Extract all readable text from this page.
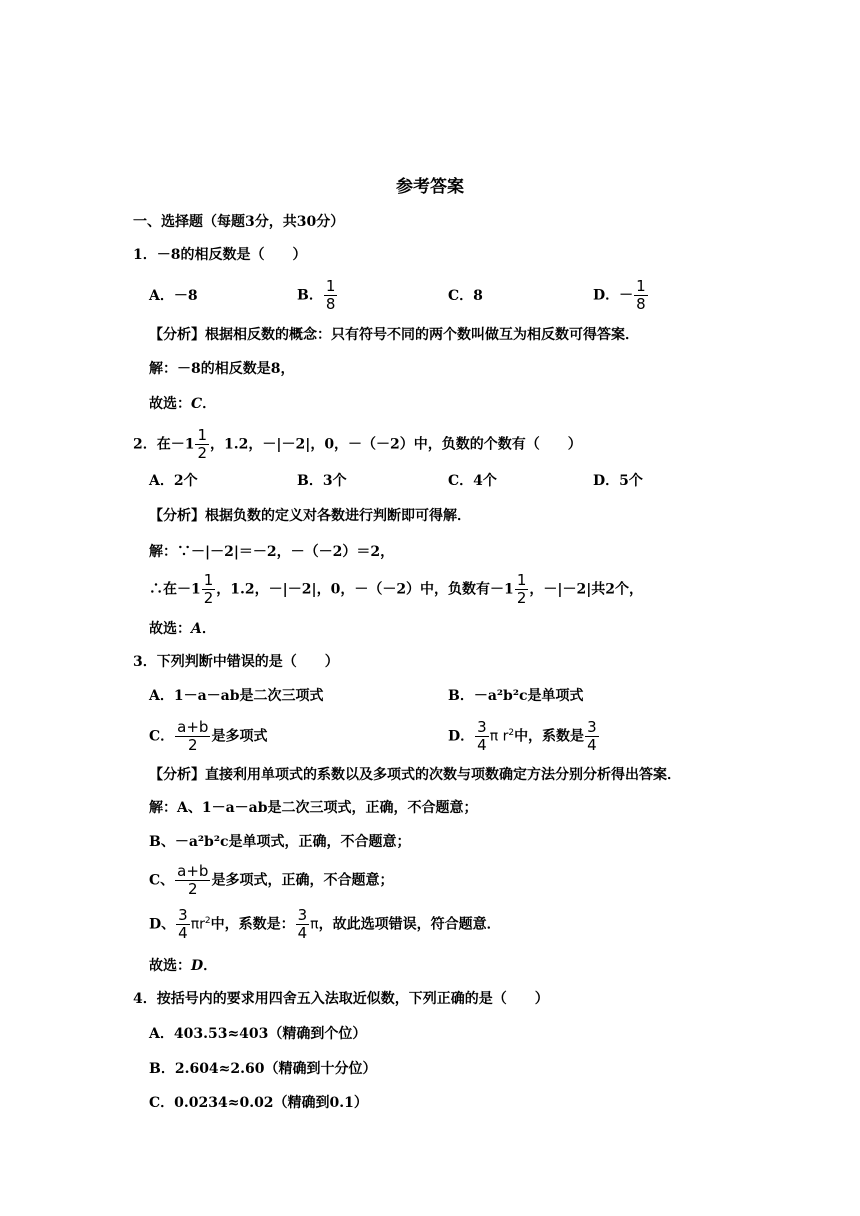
参考答案
一、选择题（每题3分，共30分）
1．－8的相反数是（　　）
A．－8	B． $\frac{1}{8}$	C．8	D．－ $\frac{1}{8}$
【分析】根据相反数的概念：只有符号不同的两个数叫做互为相反数可得答案．
解：－8的相反数是8，
故选：C．
2．在$-1 \frac{1}{2}$ ，1.2，－|－2|，0，－（－2）中，负数的个数有（　　）
A．2个	B．3个	C．4个	D．5个
【分析】根据负数的定义对各数进行判断即可得解．
解：∵－|－2|＝－2，－（－2）＝2，
∴在$-1 \frac{1}{2}$ ，1.2，－|－2|，0，－（－2）中，负数有$-1 \frac{1}{2}$ ，－|－2|共2个，
故选：A．
3．下列判断中错误的是（　　）
A．1－a－ab是二次三项式	B．－a²b²c是单项式
C． $\frac{a+b}{2}$ 是多项式	D． $\frac{3}{4}$ π $r^2$中，系数是 $\frac{3}{4}$
【分析】直接利用单项式的系数以及多项式的次数与项数确定方法分别分析得出答案．
解：A、1－a－ab是二次三项式，正确，不合题意；
B、－a²b²c是单项式，正确，不合题意；
C、 $\frac{a+b}{2}$ 是多项式，正确，不合题意；
D、 $\frac{3}{4} \pi r^2$中，系数是： $\frac{3}{4}$ π，故此选项错误，符合题意．
故选：D．
4．按括号内的要求用四舍五入法取近似数，下列正确的是（　　）
A．403.53≈403（精确到个位）
B．2.604≈2.60（精确到十分位）
C．0.0234≈0.02（精确到0.1）
